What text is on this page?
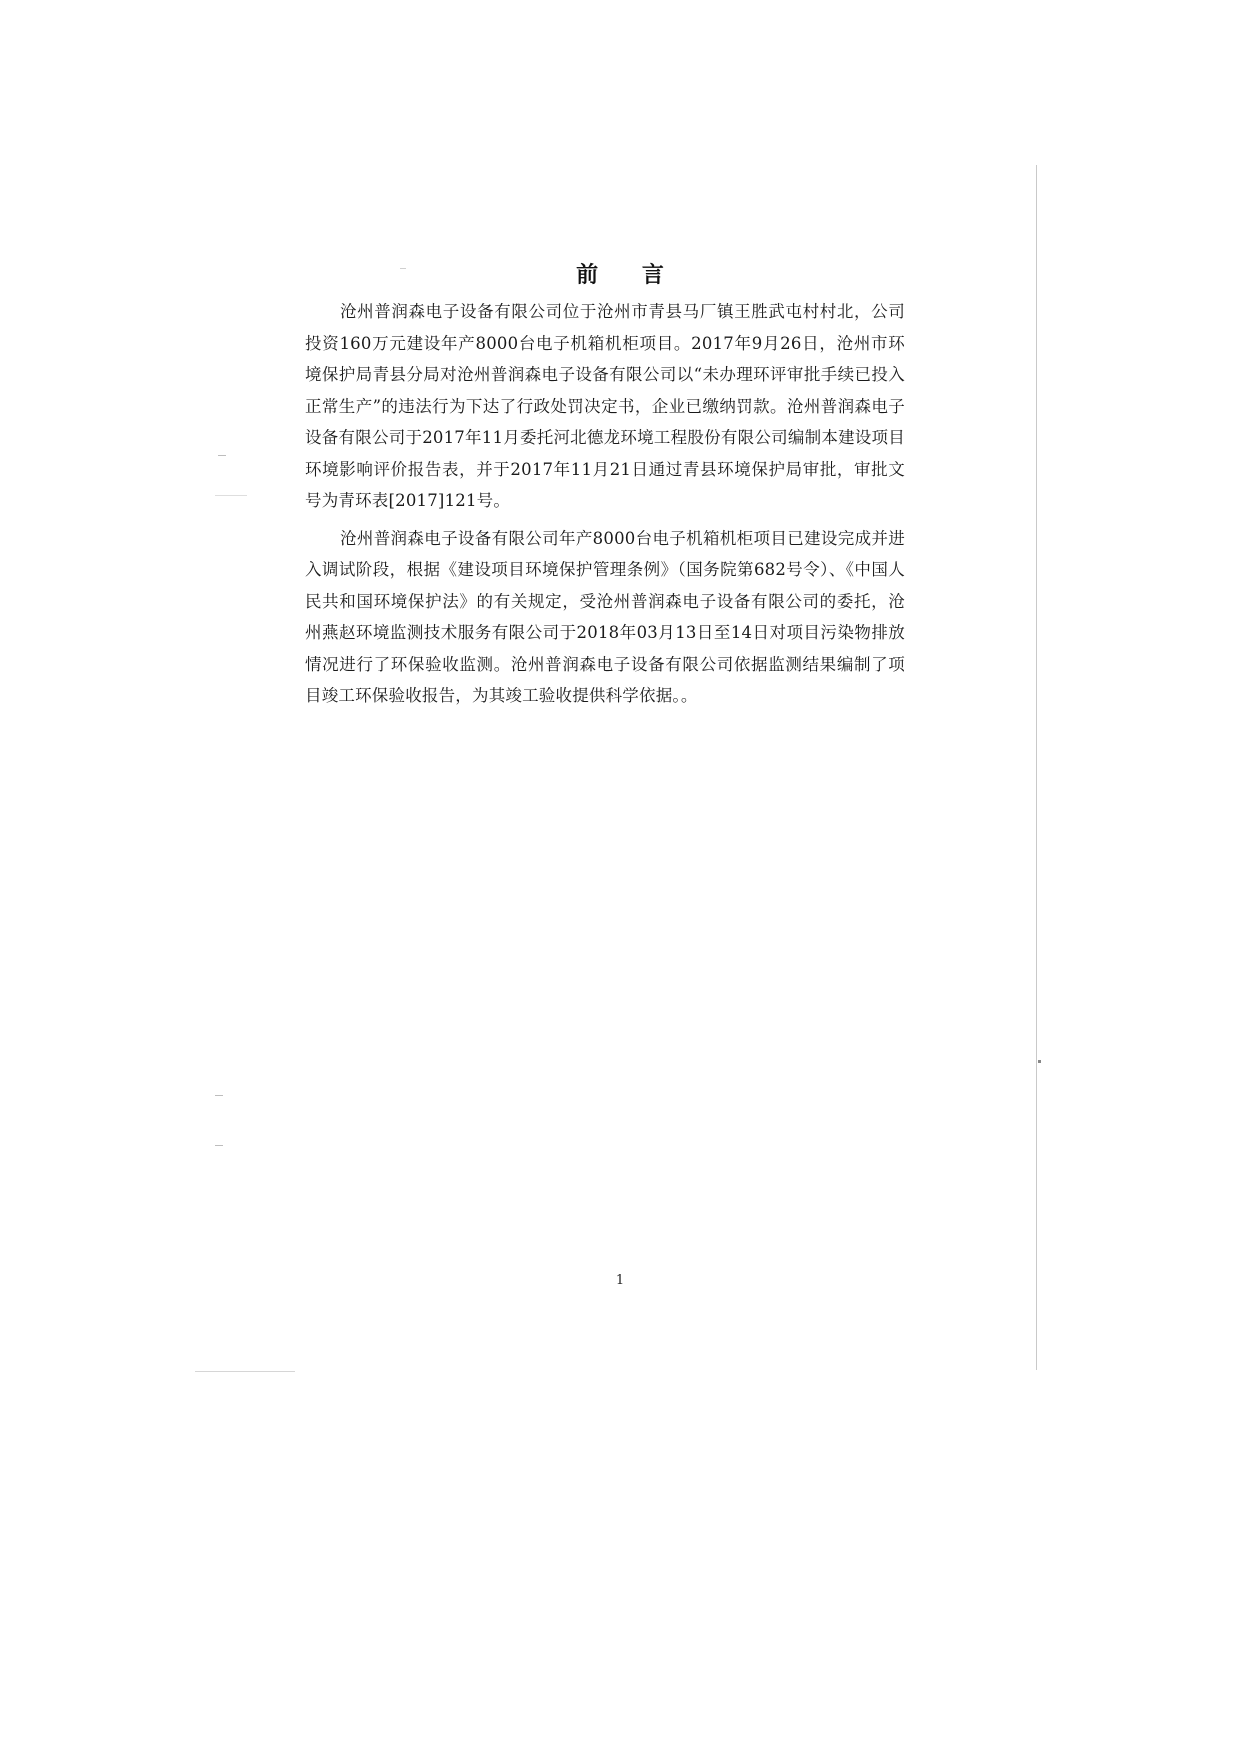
前 言

沧州普润森电子设备有限公司位于沧州市青县马厂镇王胜武屯村村北，公司投资160万元建设年产8000台电子机箱机柜项目。2017年9月26日，沧州市环境保护局青县分局对沧州普润森电子设备有限公司以“未办理环评审批手续已投入正常生产”的违法行为下达了行政处罚决定书，企业已缴纳罚款。沧州普润森电子设备有限公司于2017年11月委托河北德龙环境工程股份有限公司编制本建设项目环境影响评价报告表，并于2017年11月21日通过青县环境保护局审批，审批文号为青环表[2017]121号。

沧州普润森电子设备有限公司年产8000台电子机箱机柜项目已建设完成并进入调试阶段，根据《建设项目环境保护管理条例》（国务院第682号令）、《中国人民共和国环境保护法》的有关规定，受沧州普润森电子设备有限公司的委托，沧州燕赵环境监测技术服务有限公司于2018年03月13日至14日对项目污染物排放情况进行了环保验收监测。沧州普润森电子设备有限公司依据监测结果编制了项目竣工环保验收报告，为其竣工验收提供科学依据。。

1
